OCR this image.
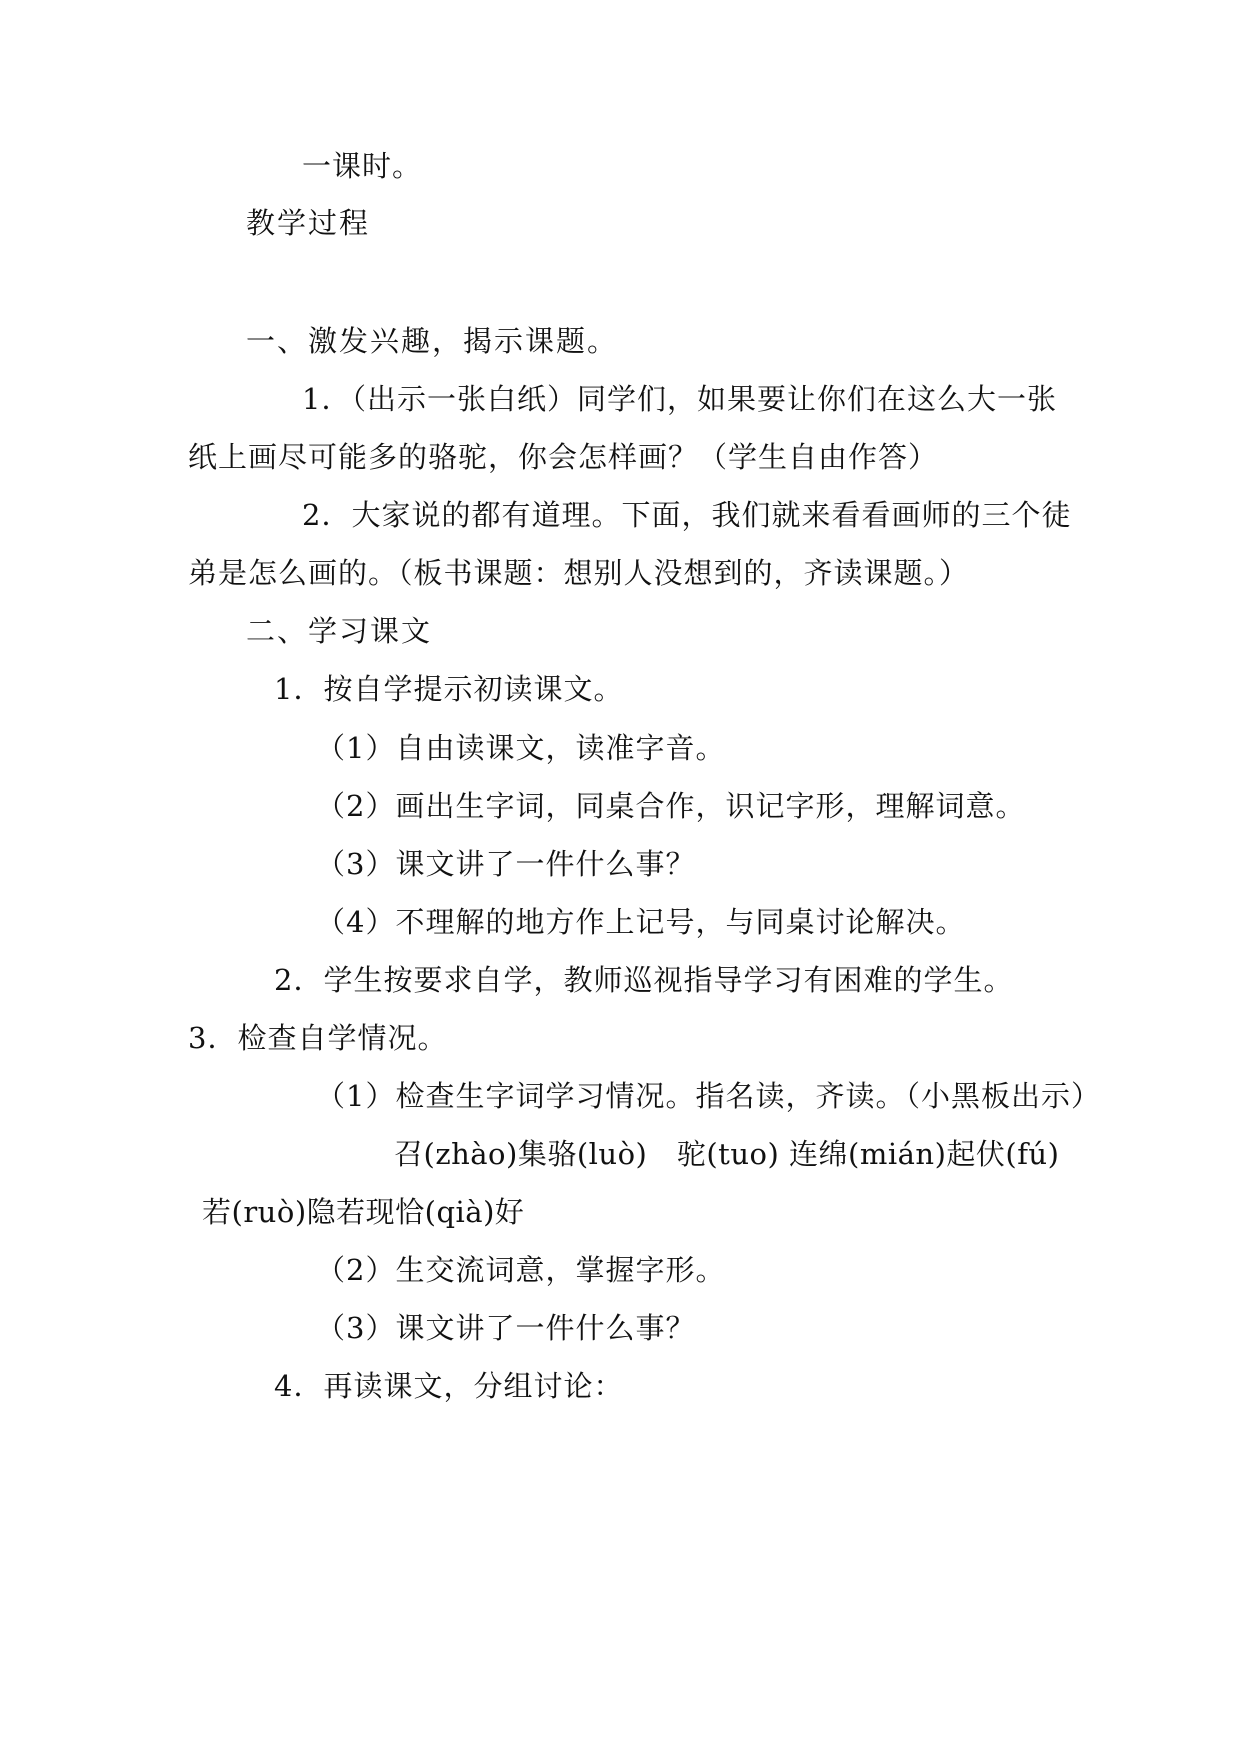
一课时。
教学过程
一、激发兴趣，揭示课题。
1．（出示一张白纸）同学们，如果要让你们在这么大一张
纸上画尽可能多的骆驼，你会怎样画？（学生自由作答）
2．大家说的都有道理。下面，我们就来看看画师的三个徒
弟是怎么画的。（板书课题：想别人没想到的，齐读课题。）
二、学习课文
1．按自学提示初读课文。
（1）自由读课文，读准字音。
（2）画出生字词，同桌合作，识记字形，理解词意。
（3）课文讲了一件什么事？
（4）不理解的地方作上记号，与同桌讨论解决。
2．学生按要求自学，教师巡视指导学习有困难的学生。
3．检查自学情况。
（1）检查生字词学习情况。指名读，齐读。（小黑板出示）
召(zhào)集骆(luò)　驼(tuo) 连绵(mián)起伏(fú)
若(ruò)隐若现恰(qià)好
（2）生交流词意，掌握字形。
（3）课文讲了一件什么事？
4．再读课文，分组讨论：
